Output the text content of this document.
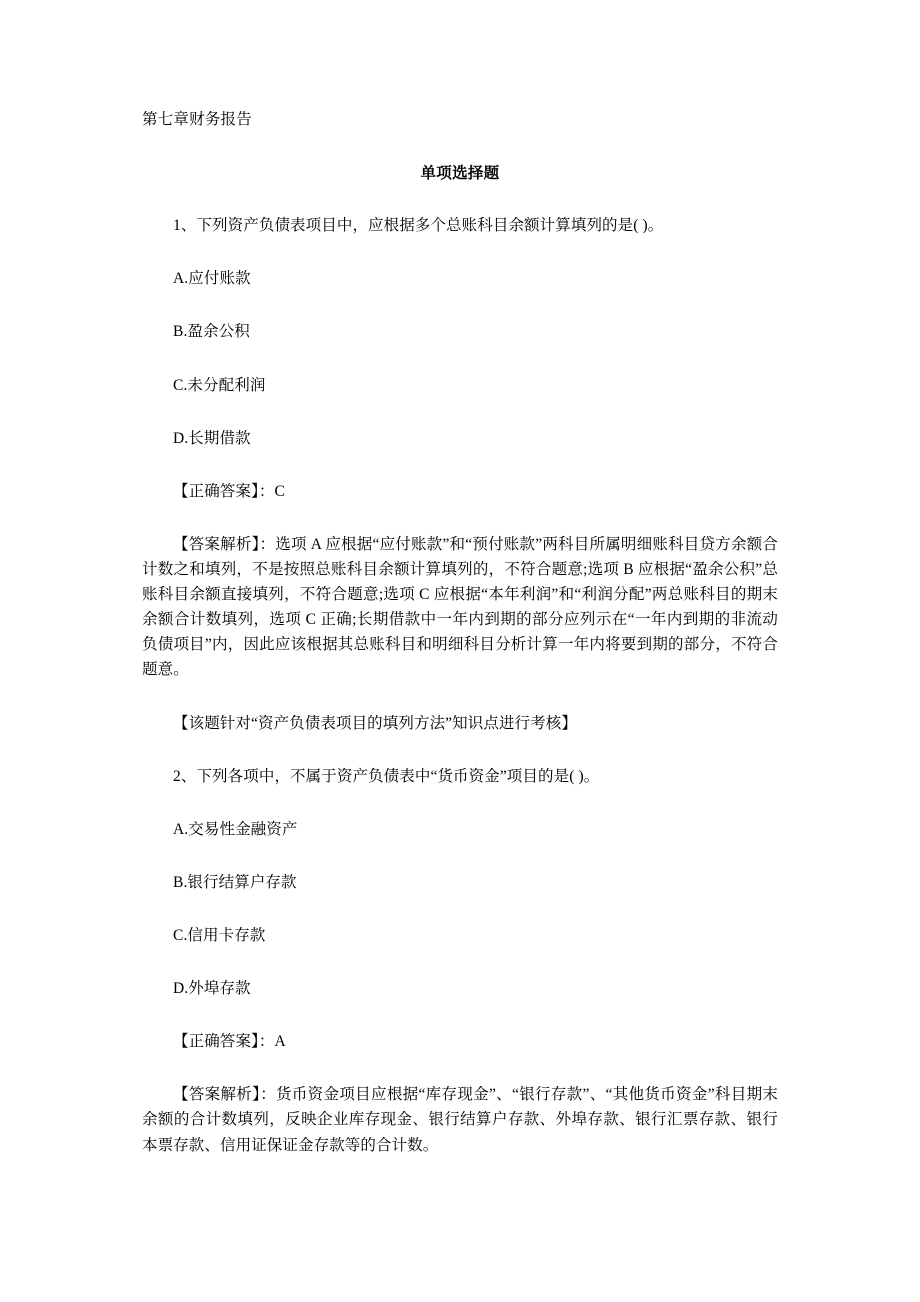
第七章财务报告
单项选择题

1、下列资产负债表项目中，应根据多个总账科目余额计算填列的是( )。

A.应付账款

B.盈余公积

C.未分配利润

D.长期借款

【正确答案】：C

【答案解析】：选项 A 应根据“应付账款”和“预付账款”两科目所属明细账科目贷方余额合计数之和填列，不是按照总账科目余额计算填列的，不符合题意;选项 B 应根据“盈余公积”总账科目余额直接填列，不符合题意;选项 C 应根据“本年利润”和“利润分配”两总账科目的期末余额合计数填列，选项 C 正确;长期借款中一年内到期的部分应列示在“一年内到期的非流动负债项目”内，因此应该根据其总账科目和明细科目分析计算一年内将要到期的部分，不符合题意。

【该题针对“资产负债表项目的填列方法”知识点进行考核】

2、下列各项中，不属于资产负债表中“货币资金”项目的是( )。

A.交易性金融资产

B.银行结算户存款

C.信用卡存款

D.外埠存款

【正确答案】：A

【答案解析】：货币资金项目应根据“库存现金”、“银行存款”、“其他货币资金”科目期末余额的合计数填列，反映企业库存现金、银行结算户存款、外埠存款、银行汇票存款、银行本票存款、信用证保证金存款等的合计数。
